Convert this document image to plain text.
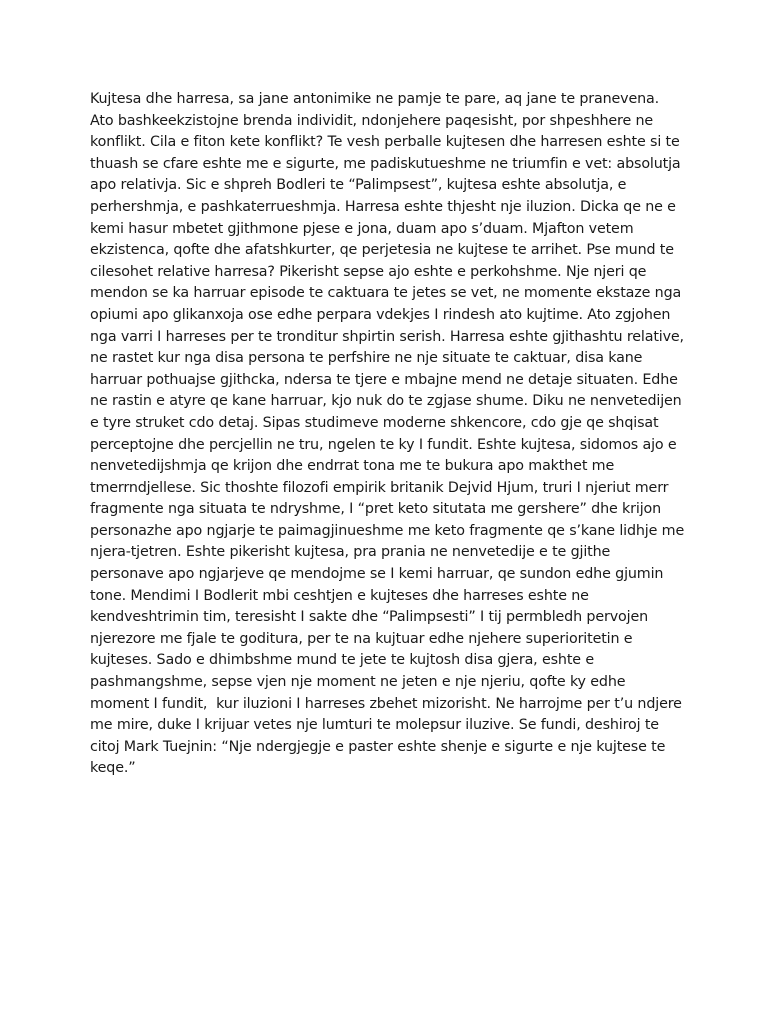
Kujtesa dhe harresa, sa jane antonimike ne pamje te pare, aq jane te pranevena.
Ato bashkeekzistojne brenda individit, ndonjehere paqesisht, por shpeshhere ne
konflikt. Cila e fiton kete konflikt? Te vesh perballe kujtesen dhe harresen eshte si te
thuash se cfare eshte me e sigurte, me padiskutueshme ne triumfin e vet: absolutja
apo relativja. Sic e shpreh Bodleri te “Palimpsest”, kujtesa eshte absolutja, e
perhershmja, e pashkaterrueshmja. Harresa eshte thjesht nje iluzion. Dicka qe ne e
kemi hasur mbetet gjithmone pjese e jona, duam apo s’duam. Mjafton vetem
ekzistenca, qofte dhe afatshkurter, qe perjetesia ne kujtese te arrihet. Pse mund te
cilesohet relative harresa? Pikerisht sepse ajo eshte e perkohshme. Nje njeri qe
mendon se ka harruar episode te caktuara te jetes se vet, ne momente ekstaze nga
opiumi apo glikanxoja ose edhe perpara vdekjes I rindesh ato kujtime. Ato zgjohen
nga varri I harreses per te tronditur shpirtin serish. Harresa eshte gjithashtu relative,
ne rastet kur nga disa persona te perfshire ne nje situate te caktuar, disa kane
harruar pothuajse gjithcka, ndersa te tjere e mbajne mend ne detaje situaten. Edhe
ne rastin e atyre qe kane harruar, kjo nuk do te zgjase shume. Diku ne nenvetedijen
e tyre struket cdo detaj. Sipas studimeve moderne shkencore, cdo gje qe shqisat
perceptojne dhe percjellin ne tru, ngelen te ky I fundit. Eshte kujtesa, sidomos ajo e
nenvetedijshmja qe krijon dhe endrrat tona me te bukura apo makthet me
tmerrndjellese. Sic thoshte filozofi empirik britanik Dejvid Hjum, truri I njeriut merr
fragmente nga situata te ndryshme, I “pret keto situtata me gershere” dhe krijon
personazhe apo ngjarje te paimagjinueshme me keto fragmente qe s’kane lidhje me
njera-tjetren. Eshte pikerisht kujtesa, pra prania ne nenvetedije e te gjithe
personave apo ngjarjeve qe mendojme se I kemi harruar, qe sundon edhe gjumin
tone. Mendimi I Bodlerit mbi ceshtjen e kujteses dhe harreses eshte ne
kendveshtrimin tim, teresisht I sakte dhe “Palimpsesti” I tij permbledh pervojen
njerezore me fjale te goditura, per te na kujtuar edhe njehere superioritetin e
kujteses. Sado e dhimbshme mund te jete te kujtosh disa gjera, eshte e
pashmangshme, sepse vjen nje moment ne jeten e nje njeriu, qofte ky edhe
moment I fundit,  kur iluzioni I harreses zbehet mizorisht. Ne harrojme per t’u ndjere
me mire, duke I krijuar vetes nje lumturi te molepsur iluzive. Se fundi, deshiroj te
citoj Mark Tuejnin: “Nje ndergjegje e paster eshte shenje e sigurte e nje kujtese te
keqe.”
